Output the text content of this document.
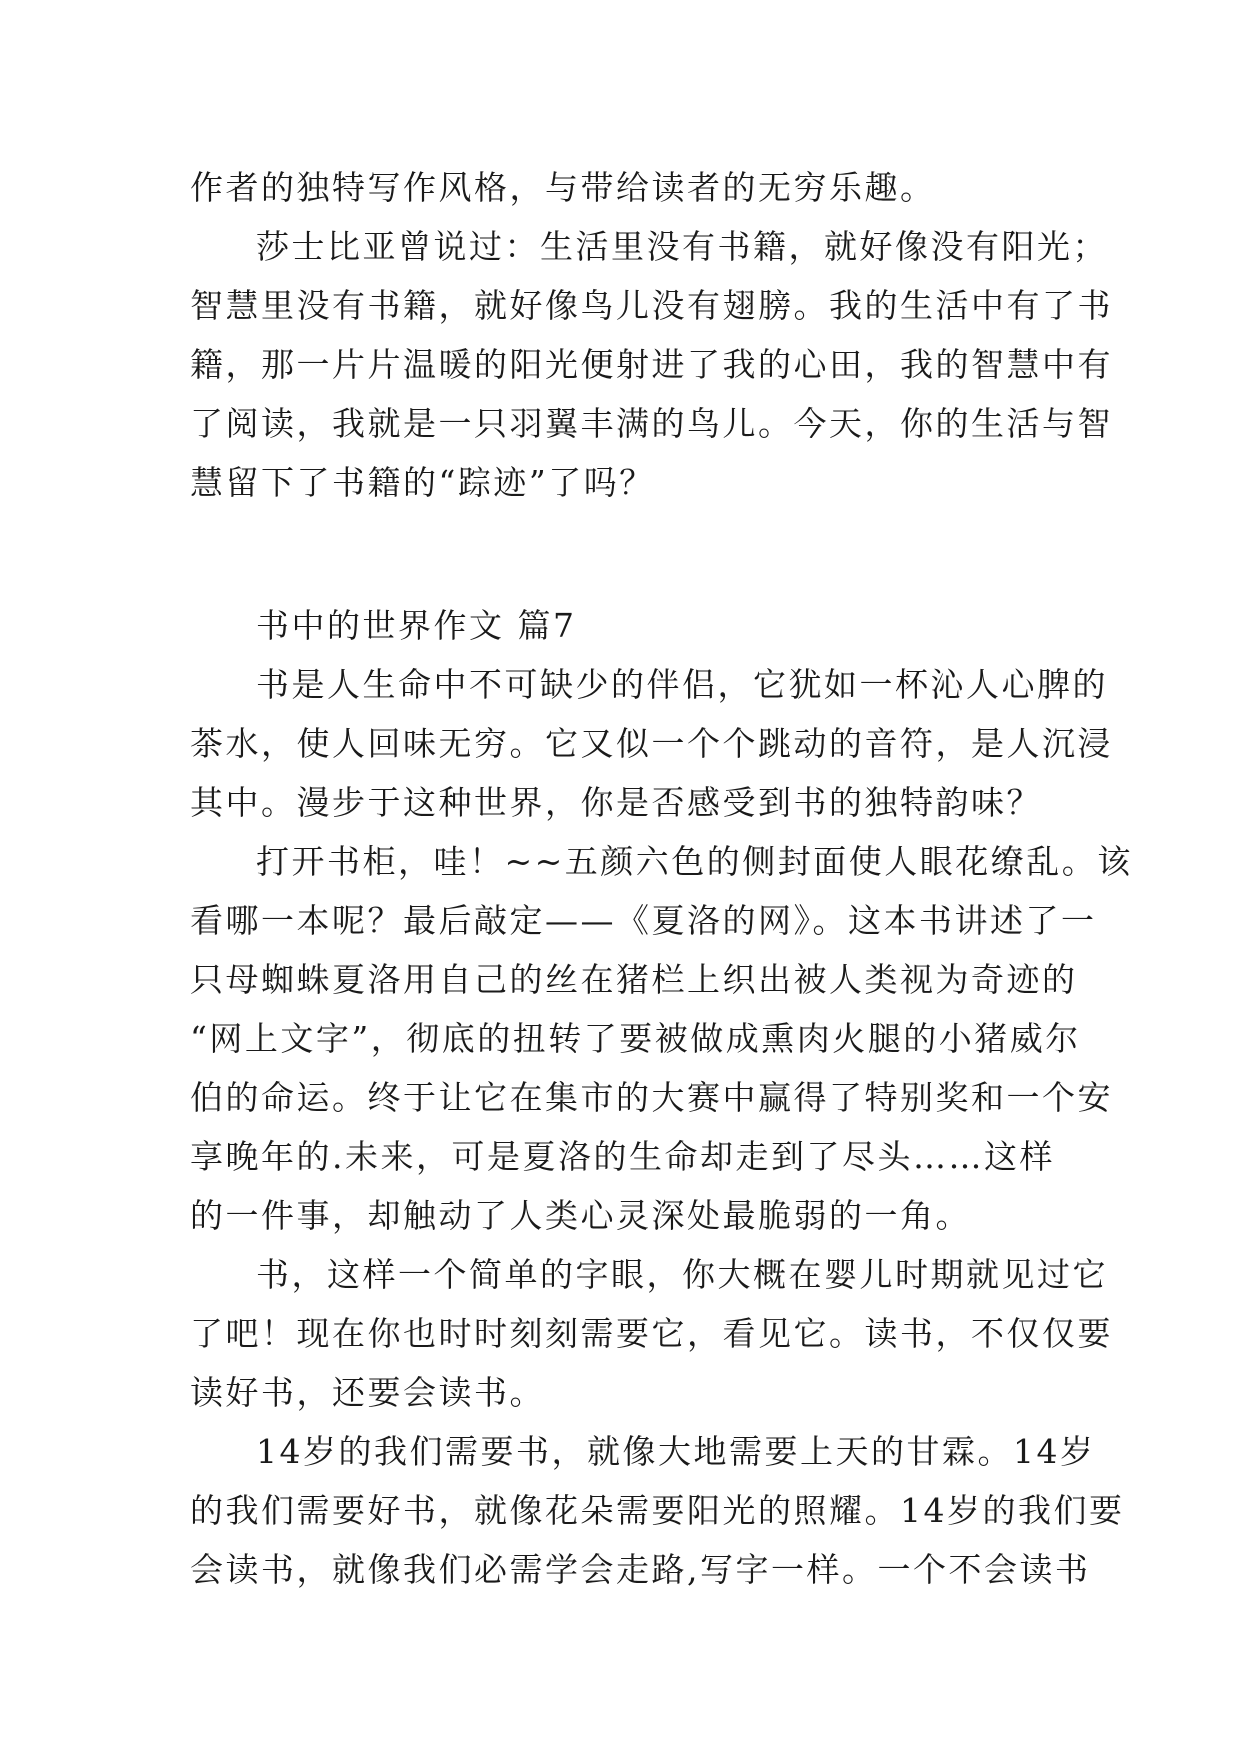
作者的独特写作风格，与带给读者的无穷乐趣。
莎士比亚曾说过：生活里没有书籍，就好像没有阳光；
智慧里没有书籍，就好像鸟儿没有翅膀。我的生活中有了书
籍，那一片片温暖的阳光便射进了我的心田，我的智慧中有
了阅读，我就是一只羽翼丰满的鸟儿。今天，你的生活与智
慧留下了书籍的“踪迹”了吗？
书中的世界作文 篇7
书是人生命中不可缺少的伴侣，它犹如一杯沁人心脾的
茶水，使人回味无穷。它又似一个个跳动的音符，是人沉浸
其中。漫步于这种世界，你是否感受到书的独特韵味？
打开书柜，哇！~~五颜六色的侧封面使人眼花缭乱。该
看哪一本呢？最后敲定——《夏洛的网》。这本书讲述了一
只母蜘蛛夏洛用自己的丝在猪栏上织出被人类视为奇迹的
“网上文字”，彻底的扭转了要被做成熏肉火腿的小猪威尔
伯的命运。终于让它在集市的大赛中赢得了特别奖和一个安
享晚年的.未来，可是夏洛的生命却走到了尽头……这样
的一件事，却触动了人类心灵深处最脆弱的一角。
书，这样一个简单的字眼，你大概在婴儿时期就见过它
了吧！现在你也时时刻刻需要它，看见它。读书，不仅仅要
读好书，还要会读书。
14岁的我们需要书，就像大地需要上天的甘霖。14岁
的我们需要好书，就像花朵需要阳光的照耀。14岁的我们要
会读书，就像我们必需学会走路,写字一样。一个不会读书
